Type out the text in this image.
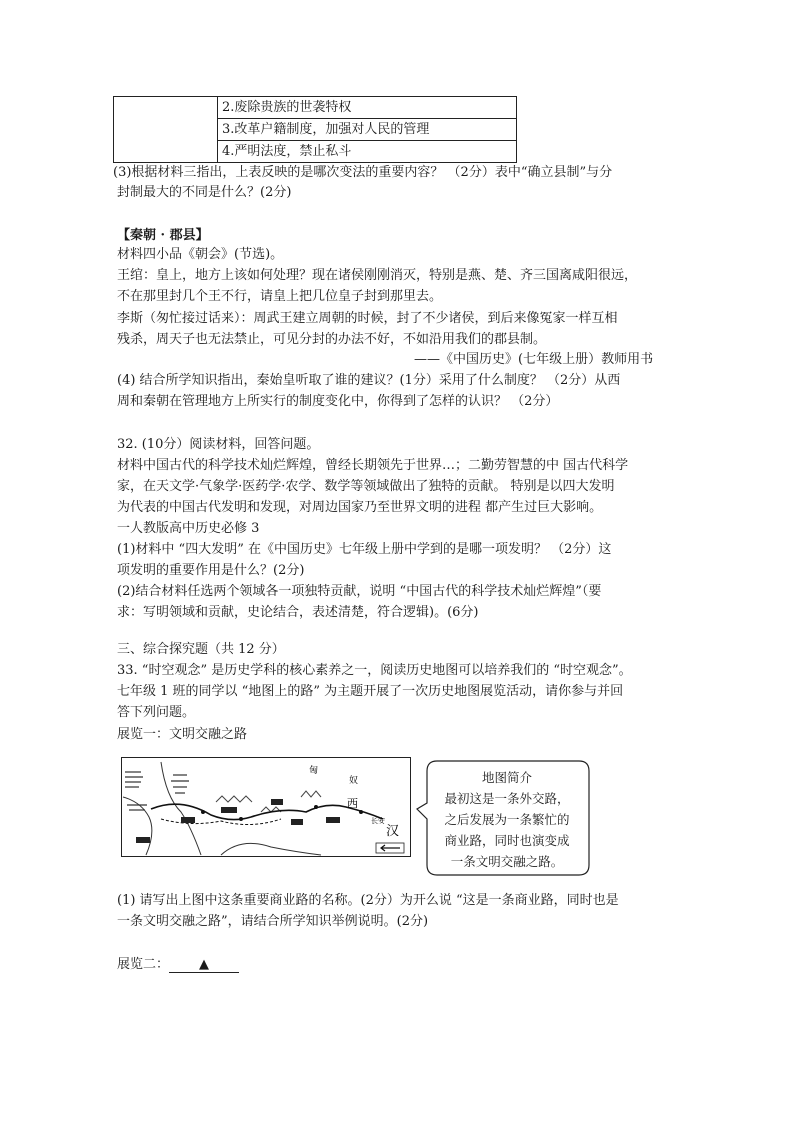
	2.废除贵族的世袭特权
3.改革户籍制度，加强对人民的管理
4.严明法度，禁止私斗
(3)根据材料三指出，上表反映的是哪次变法的重要内容？ （2分）表中“确立县制”与分
封制最大的不同是什么？(2分)
【秦朝 · 郡县】
材料四小品《朝会》(节选)。
王绾：皇上，地方上该如何处理？现在诸侯刚刚消灭，特别是燕、楚、齐三国离咸阳很远，
不在那里封几个王不行，请皇上把几位皇子封到那里去。
李斯（匆忙接过话来）：周武王建立周朝的时候，封了不少诸侯，到后来像冤家一样互相
残杀，周天子也无法禁止，可见分封的办法不好，不如沿用我们的郡县制。
——《中国历史》(七年级上册）教师用书
(4) 结合所学知识指出，秦始皇听取了谁的建议？(1分）采用了什么制度？ （2分）从西
周和秦朝在管理地方上所实行的制度变化中，你得到了怎样的认识？ （2分）
32. (10分）阅读材料，回答问题。
材料中国古代的科学技术灿烂辉煌，曾经长期领先于世界…；二勤劳智慧的中 国古代科学
家，在天文学·气象学·医药学·农学、数学等领域做出了独特的贡献。 特别是以四大发明
为代表的中国古代发明和发现，对周边国家乃至世界文明的进程 都产生过巨大影响。
一人教版高中历史必修 3
(1)材料中 “四大发明” 在《中国历史》七年级上册中学到的是哪一项发明？ （2分）这
项发明的重要作用是什么？(2分)
(2)结合材料任选两个领域各一项独特贡献，说明 “中国古代的科学技术灿烂辉煌”（要
求：写明领域和贡献，史论结合，表述清楚，符合逻辑)。(6分)
三、综合探究题（共 12 分）
33. “时空观念” 是历史学科的核心素养之一，阅读历史地图可以培养我们的 “时空观念”。
七年级 1 班的同学以 “地图上的路” 为主题开展了一次历史地图展览活动，请你参与并回
答下列问题。
展览一：文明交融之路
匈
奴
西
汉
长安
地图简介
最初这是一条外交路，
之后发展为一条繁忙的
商业路，同时也演变成
一条文明交融之路。
(1) 请写出上图中这条重要商业路的名称。(2分）为开么说 “这是一条商业路，同时也是
一条文明交融之路”，请结合所学知识举例说明。(2分)
展览二： ▲
